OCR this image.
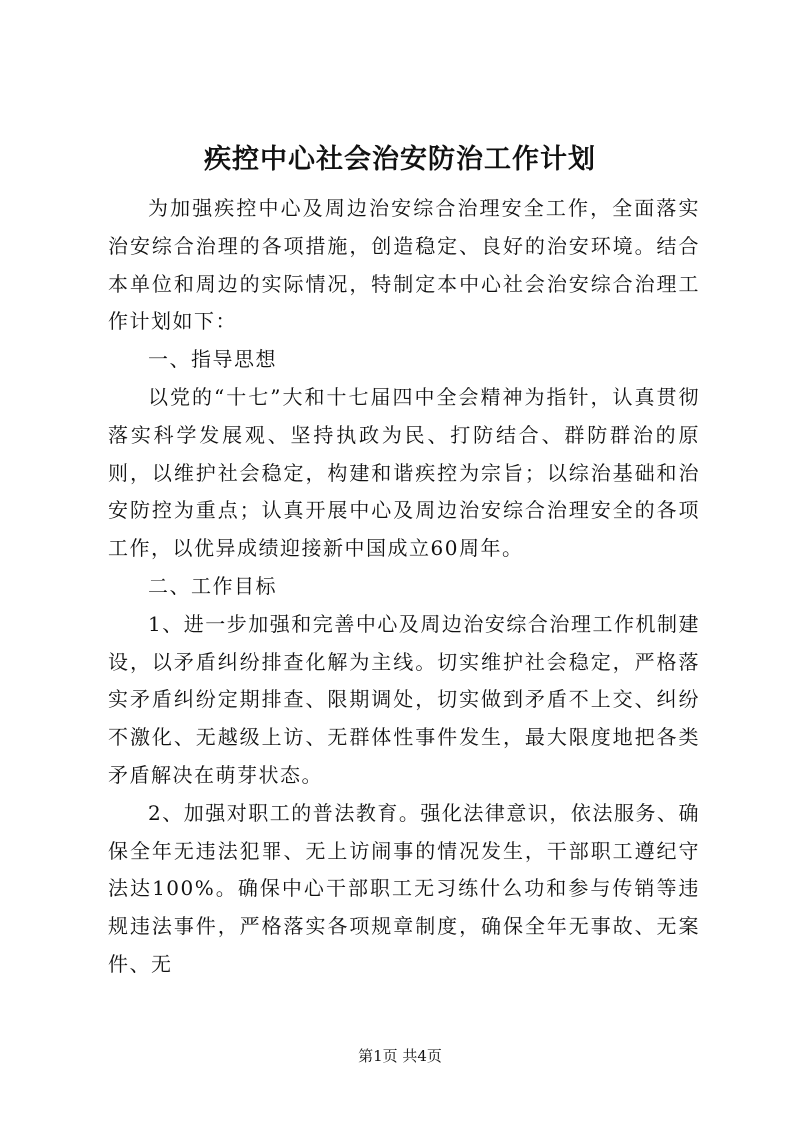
疾控中心社会治安防治工作计划

为加强疾控中心及周边治安综合治理安全工作，全面落实治安综合治理的各项措施，创造稳定、良好的治安环境。结合本单位和周边的实际情况，特制定本中心社会治安综合治理工作计划如下：

一、指导思想

以党的“十七”大和十七届四中全会精神为指针，认真贯彻落实科学发展观、坚持执政为民、打防结合、群防群治的原则，以维护社会稳定，构建和谐疾控为宗旨；以综治基础和治安防控为重点；认真开展中心及周边治安综合治理安全的各项工作，以优异成绩迎接新中国成立60周年。

二、工作目标

1、进一步加强和完善中心及周边治安综合治理工作机制建设，以矛盾纠纷排查化解为主线。切实维护社会稳定，严格落实矛盾纠纷定期排查、限期调处，切实做到矛盾不上交、纠纷不激化、无越级上访、无群体性事件发生，最大限度地把各类矛盾解决在萌芽状态。

2、加强对职工的普法教育。强化法律意识，依法服务、确保全年无违法犯罪、无上访闹事的情况发生，干部职工遵纪守法达100%。确保中心干部职工无习练什么功和参与传销等违规违法事件，严格落实各项规章制度，确保全年无事故、无案件、无

第1页 共4页
